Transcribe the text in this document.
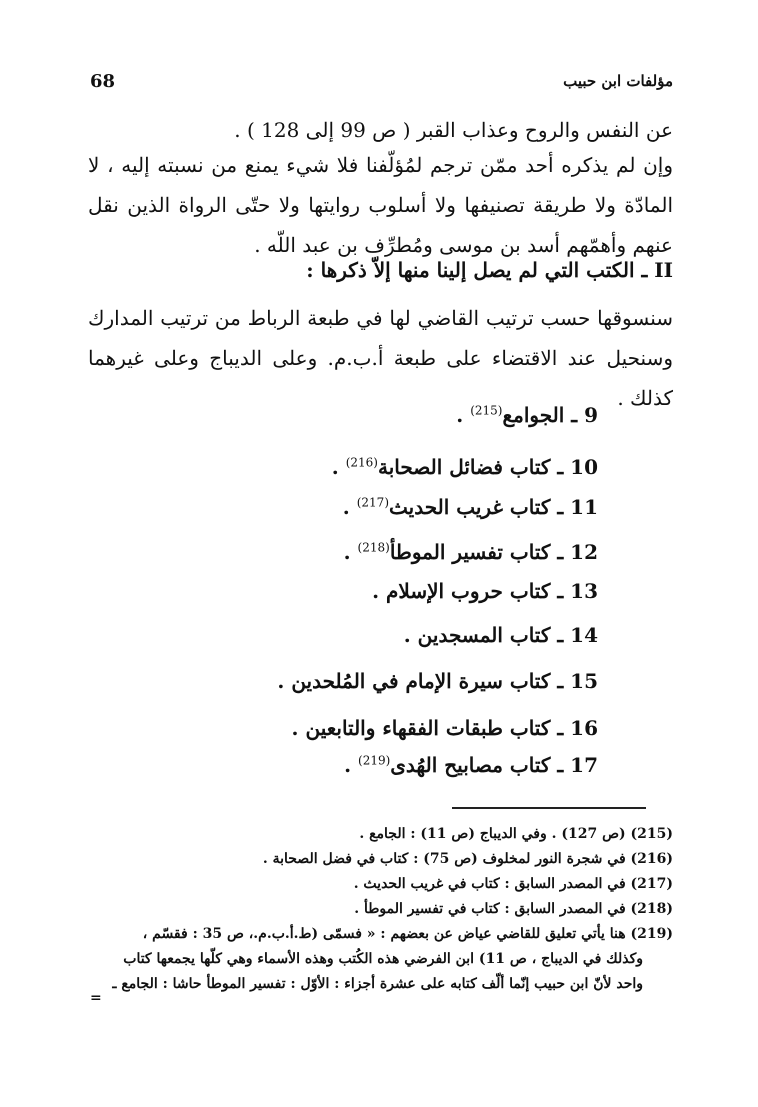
مؤلفات ابن حبيب
68

عن النفس والروح وعذاب القبر ( ص 99 إلى 128 ) .

وإن لم يذكره أحد ممّن ترجم لمُؤلّفنا فلا شيء يمنع من نسبته إليه ، لا المادّة ولا طريقة تصنيفها ولا أسلوب روايتها ولا حتّى الرواة الذين نقل عنهم وأهمّهم أسد بن موسى ومُطرِّف بن عبد اللّه .

II ـ الكتب التي لم يصل إلينا منها إلاّ ذكرها :

سنسوقها حسب ترتيب القاضي لها في طبعة الرباط من ترتيب المدارك وسنحيل عند الاقتضاء على طبعة أ.ب.م. وعلى الديباج وعلى غيرهما كذلك .

9 ـ الجوامع$^{(215)}$ .
10 ـ كتاب فضائل الصحابة$^{(216)}$ .
11 ـ كتاب غريب الحديث$^{(217)}$ .
12 ـ كتاب تفسير الموطأ$^{(218)}$ .
13 ـ كتاب حروب الإسلام .
14 ـ كتاب المسجدين .
15 ـ كتاب سيرة الإمام في المُلحدين .
16 ـ كتاب طبقات الفقهاء والتابعين .
17 ـ كتاب مصابيح الهُدى$^{(219)}$ .
(215) (ص 127) . وفي الديباج (ص 11) : الجامع .
(216) في شجرة النور لمخلوف (ص 75) : كتاب في فضل الصحابة .
(217) في المصدر السابق : كتاب في غريب الحديث .
(218) في المصدر السابق : كتاب في تفسير الموطأ .
(219) هنا يأتي تعليق للقاضي عياض عن بعضهم : « فسمّى (ط.أ.ب.م.، ص 35 : فقسّم ،
وكذلك في الديباج ، ص 11) ابن الفرضي هذه الكُتب وهذه الأسماء وهي كلّها يجمعها كتاب
واحد لأنّ ابن حبيب إنّما ألّف كتابه على عشرة أجزاء : الأوّل : تفسير الموطأ حاشا : الجامع ـ
=
